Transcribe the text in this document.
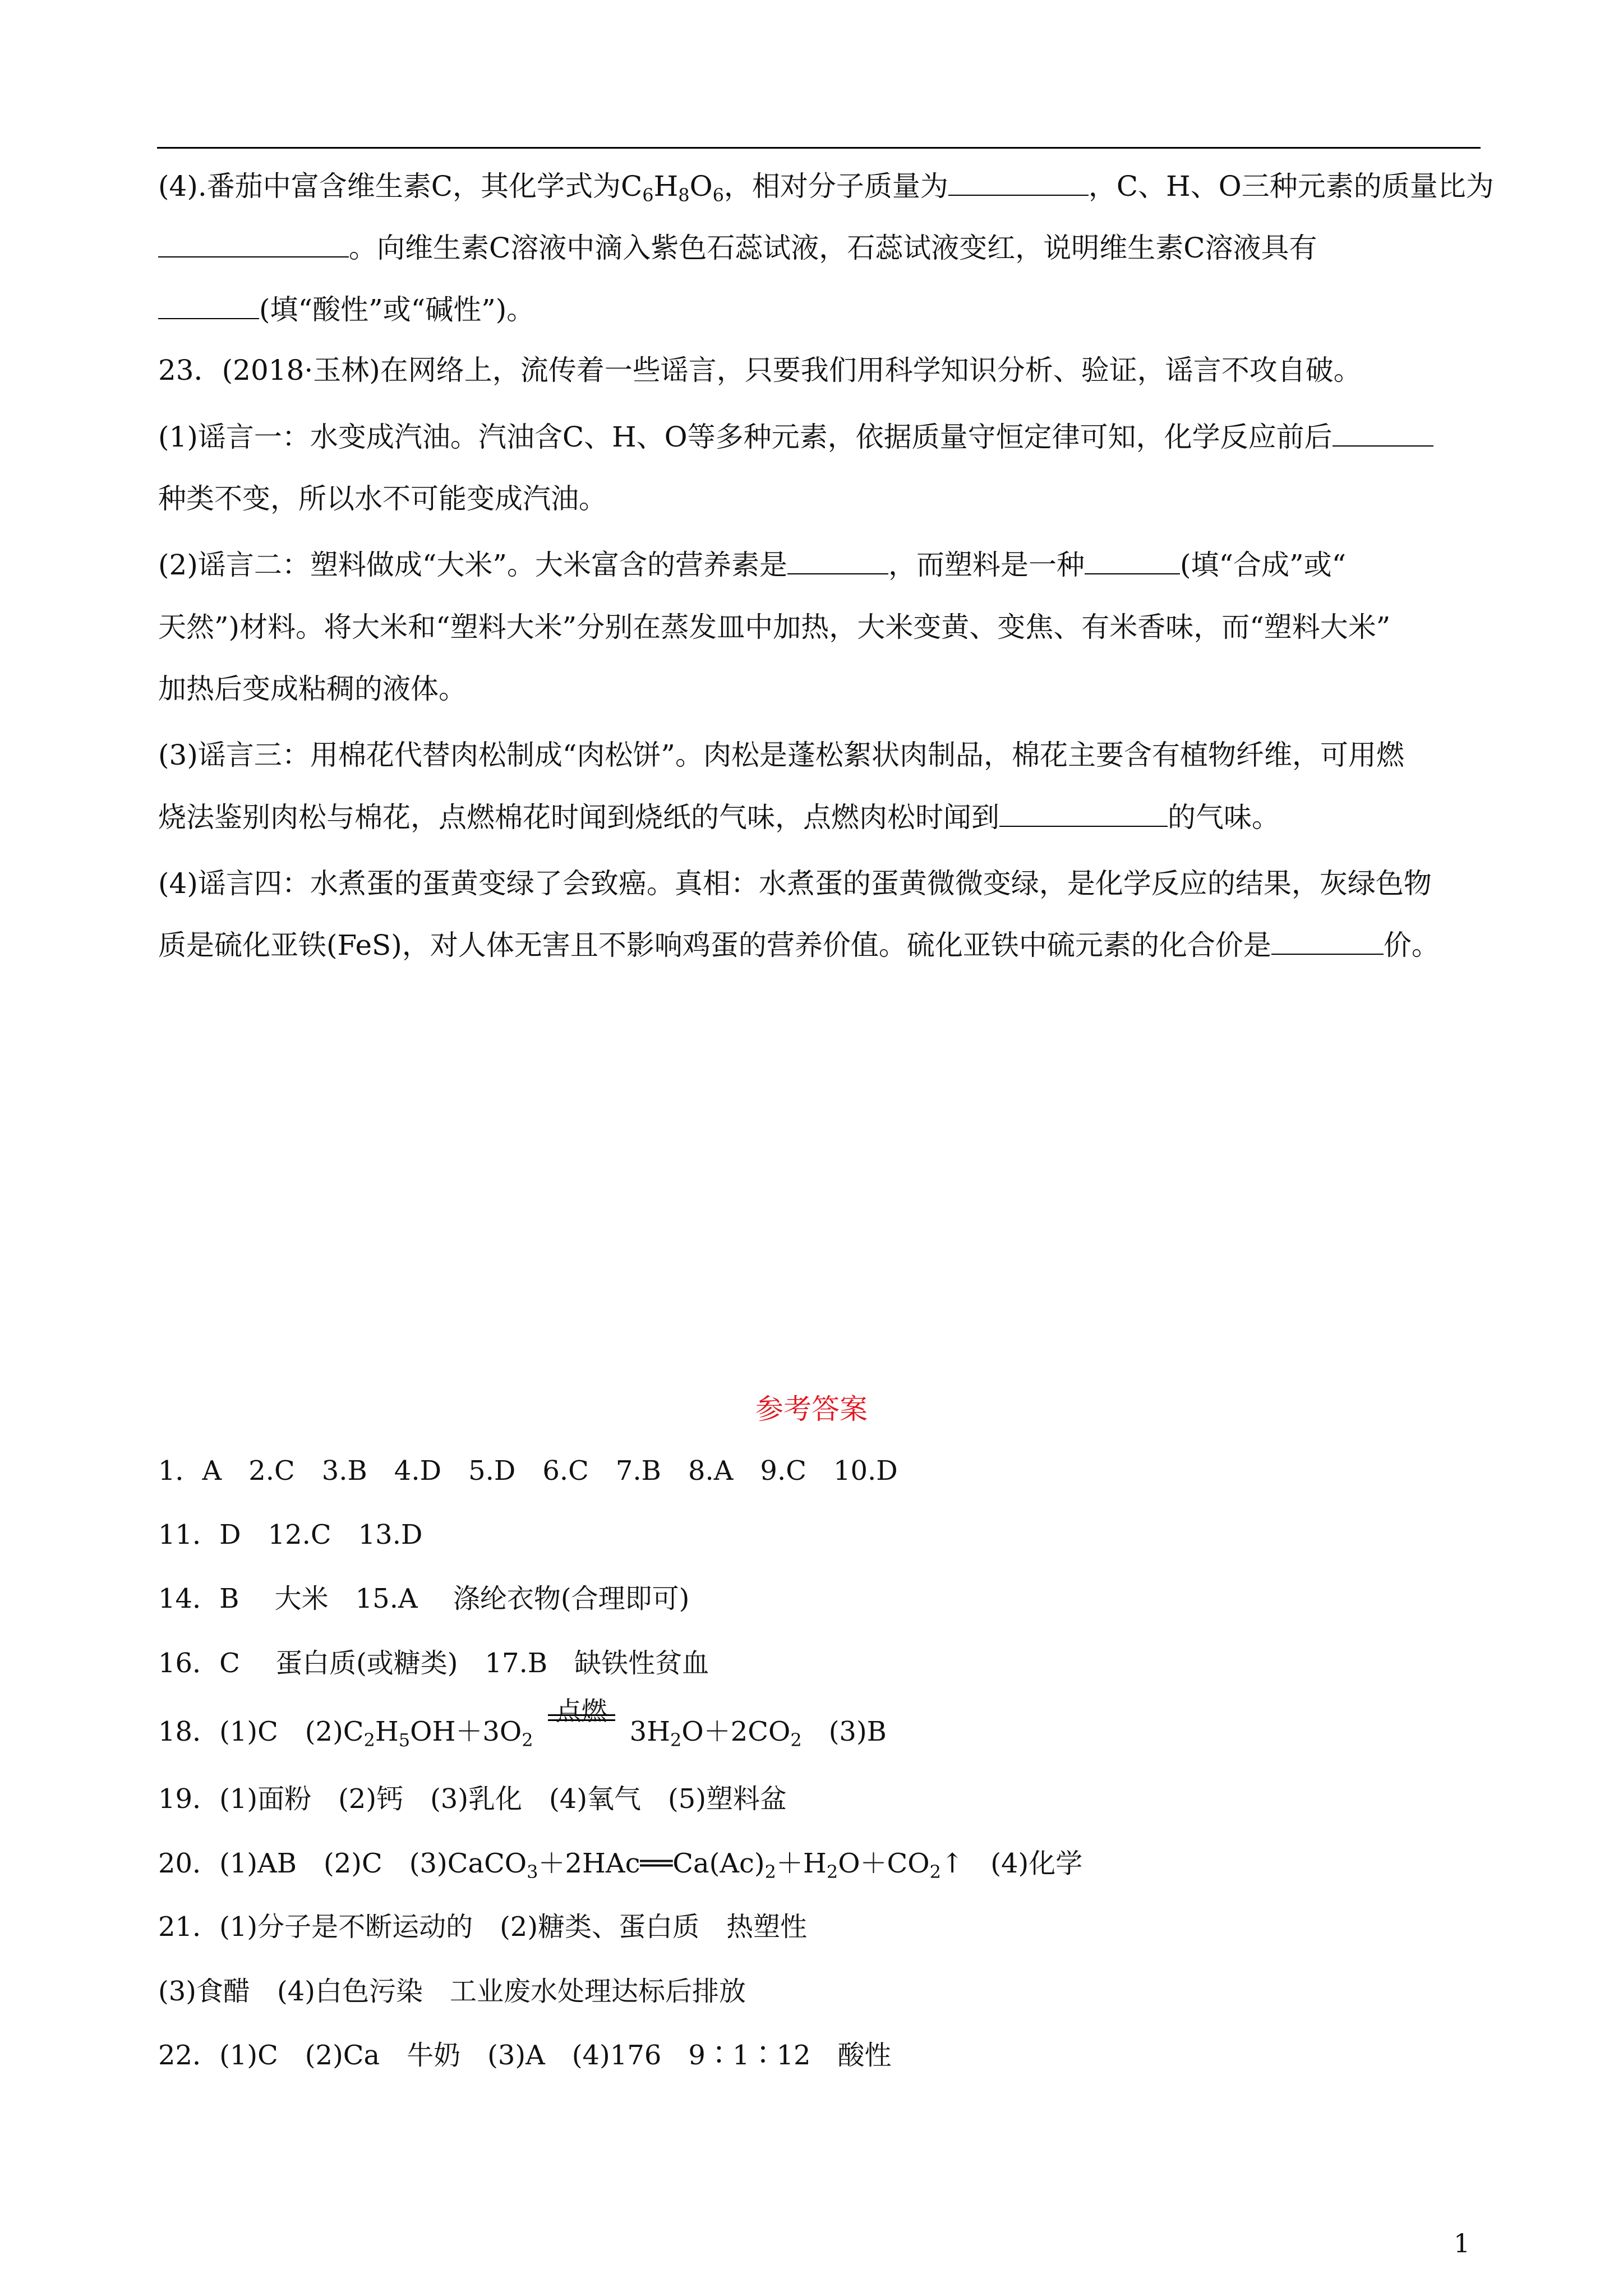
(4).番茄中富含维生素C，其化学式为$C_6H_8O_6$，相对分子质量为	，C、H、O三种元素的质量比为

。向维生素C溶液中滴入紫色石蕊试液，石蕊试液变红，说明维生素C溶液具有

(填“酸性”或“碱性”)。

23．(2018·玉林)在网络上，流传着一些谣言，只要我们用科学知识分析、验证，谣言不攻自破。

(1)谣言一：水变成汽油。汽油含C、H、O等多种元素，依据质量守恒定律可知，化学反应前后

种类不变，所以水不可能变成汽油。

(2)谣言二：塑料做成“大米”。大米富含的营养素是	，而塑料是一种	(填“合成”或“

天然”)材料。将大米和“塑料大米”分别在蒸发皿中加热，大米变黄、变焦、有米香味，而“塑料大米”

加热后变成粘稠的液体。

(3)谣言三：用棉花代替肉松制成“肉松饼”。肉松是蓬松絮状肉制品，棉花主要含有植物纤维，可用燃

烧法鉴别肉松与棉花，点燃棉花时闻到烧纸的气味，点燃肉松时闻到	的气味。

(4)谣言四：水煮蛋的蛋黄变绿了会致癌。真相：水煮蛋的蛋黄微微变绿，是化学反应的结果，灰绿色物

质是硫化亚铁(FeS)，对人体无害且不影响鸡蛋的营养价值。硫化亚铁中硫元素的化合价是	价。

参考答案

1．A　2.C　3.B　4.D　5.D　6.C　7.B　8.A　9.C　10.D

11．D　12.C　13.D

14．B　 大米　15.A　 涤纶衣物(合理即可)

16．C　 蛋白质(或糖类)　17.B　缺铁性贫血

18．(1)C　$(2)C_2H_5OH+3O_2$
点燃
$3H_2O+2CO_2$　(3)B

19．(1)面粉　(2)钙　(3)乳化　(4)氧气　(5)塑料盆

20．(1)AB　(2)C　$(3)CaCO_3+2HAc══Ca(Ac)_2+H_2O+CO_2↑$　(4)化学

21．(1)分子是不断运动的　(2)糖类、蛋白质　热塑性

(3)食醋　(4)白色污染　工业废水处理达标后排放

22．(1)C　(2)Ca　牛奶　(3)A　(4)176　9∶1∶12　酸性

1
